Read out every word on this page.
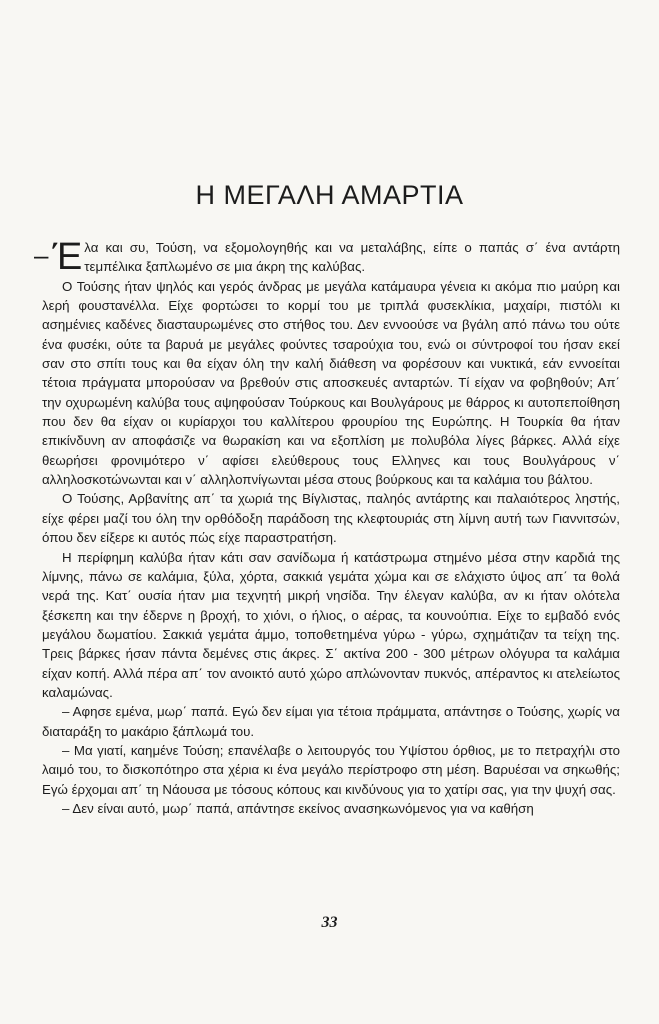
Η ΜΕΓΑΛΗ ΑΜΑΡΤΙΑ

– Έ λα και συ, Τούση, να εξομολογηθής και να μεταλάβης, είπε ο παπάς σ΄ ένα αντάρτη τεμπέλικα ξαπλωμένο σε μια άκρη της καλύβας.

Ο Τούσης ήταν ψηλός και γερός άνδρας με μεγάλα κατάμαυρα γένεια κι ακόμα πιο μαύρη και λερή φουστανέλλα. Είχε φορτώσει το κορμί του με τριπλά φυσεκλίκια, μαχαίρι, πιστόλι κι ασημένιες καδένες διασταυρωμένες στο στήθος του. Δεν εννοούσε να βγάλη από πάνω του ούτε ένα φυσέκι, ούτε τα βαρυά με μεγάλες φούντες τσαρούχια του, ενώ οι σύντροφοί του ήσαν εκεί σαν στο σπίτι τους και θα είχαν όλη την καλή διάθεση να φορέσουν και νυκτικά, εάν εννοείται τέτοια πράγματα μπορούσαν να βρεθούν στις αποσκευές ανταρτών. Τί είχαν να φοβηθούν; Απ΄ την οχυρωμένη καλύβα τους αψηφούσαν Τούρκους και Βουλγάρους με θάρρος κι αυτοπεποίθηση που δεν θα είχαν οι κυρίαρχοι του καλλίτερου φρουρίου της Ευρώπης. Η Τουρκία θα ήταν επικίνδυνη αν αποφάσιζε να θωρακίση και να εξοπλίση με πολυβόλα λίγες βάρκες. Αλλά είχε θεωρήσει φρονιμότερο ν΄ αφίσει ελεύθερους τους Ελληνες και τους Βουλγάρους ν΄ αλληλοσκοτώνωνται και ν΄ αλληλοπνίγωνται μέσα στους βούρκους και τα καλάμια του βάλτου.

Ο Τούσης, Αρβανίτης απ΄ τα χωριά της Βίγλιστας, παληός αντάρτης και παλαιότερος ληστής, είχε φέρει μαζί του όλη την ορθόδοξη παράδοση της κλεφτουριάς στη λίμνη αυτή των Γιαννιτσών, όπου δεν είξερε κι αυτός πώς είχε παραστρατήση.

Η περίφημη καλύβα ήταν κάτι σαν σανίδωμα ή κατάστρωμα στημένο μέσα στην καρδιά της λίμνης, πάνω σε καλάμια, ξύλα, χόρτα, σακκιά γεμάτα χώμα και σε ελάχιστο ύψος απ΄ τα θολά νερά της. Κατ΄ ουσία ήταν μια τεχνητή μικρή νησίδα. Την έλεγαν καλύβα, αν κι ήταν ολότελα ξέσκεπη και την έδερνε η βροχή, το χιόνι, ο ήλιος, ο αέρας, τα κουνούπια. Είχε το εμβαδό ενός μεγάλου δωματίου. Σακκιά γεμάτα άμμο, τοποθετημένα γύρω - γύρω, σχημάτιζαν τα τείχη της. Τρεις βάρκες ήσαν πάντα δεμένες στις άκρες. Σ΄ ακτίνα 200 - 300 μέτρων ολόγυρα τα καλάμια είχαν κοπή. Αλλά πέρα απ΄ τον ανοικτό αυτό χώρο απλώνονταν πυκνός, απέραντος κι ατελείωτος καλαμώνας.

– Αφησε εμένα, μωρ΄ παπά. Εγώ δεν είμαι για τέτοια πράμματα, απάντησε ο Τούσης, χωρίς να διαταράξη το μακάριο ξάπλωμά του.

– Μα γιατί, καημένε Τούση; επανέλαβε ο λειτουργός του Υψίστου όρθιος, με το πετραχήλι στο λαιμό του, το δισκοπότηρο στα χέρια κι ένα μεγάλο περίστροφο στη μέση. Βαρυέσαι να σηκωθής; Εγώ έρχομαι απ΄ τη Νάουσα με τόσους κόπους και κινδύνους για το χατίρι σας, για την ψυχή σας.

– Δεν είναι αυτό, μωρ΄ παπά, απάντησε εκείνος ανασηκωνόμενος για να καθήση

33
